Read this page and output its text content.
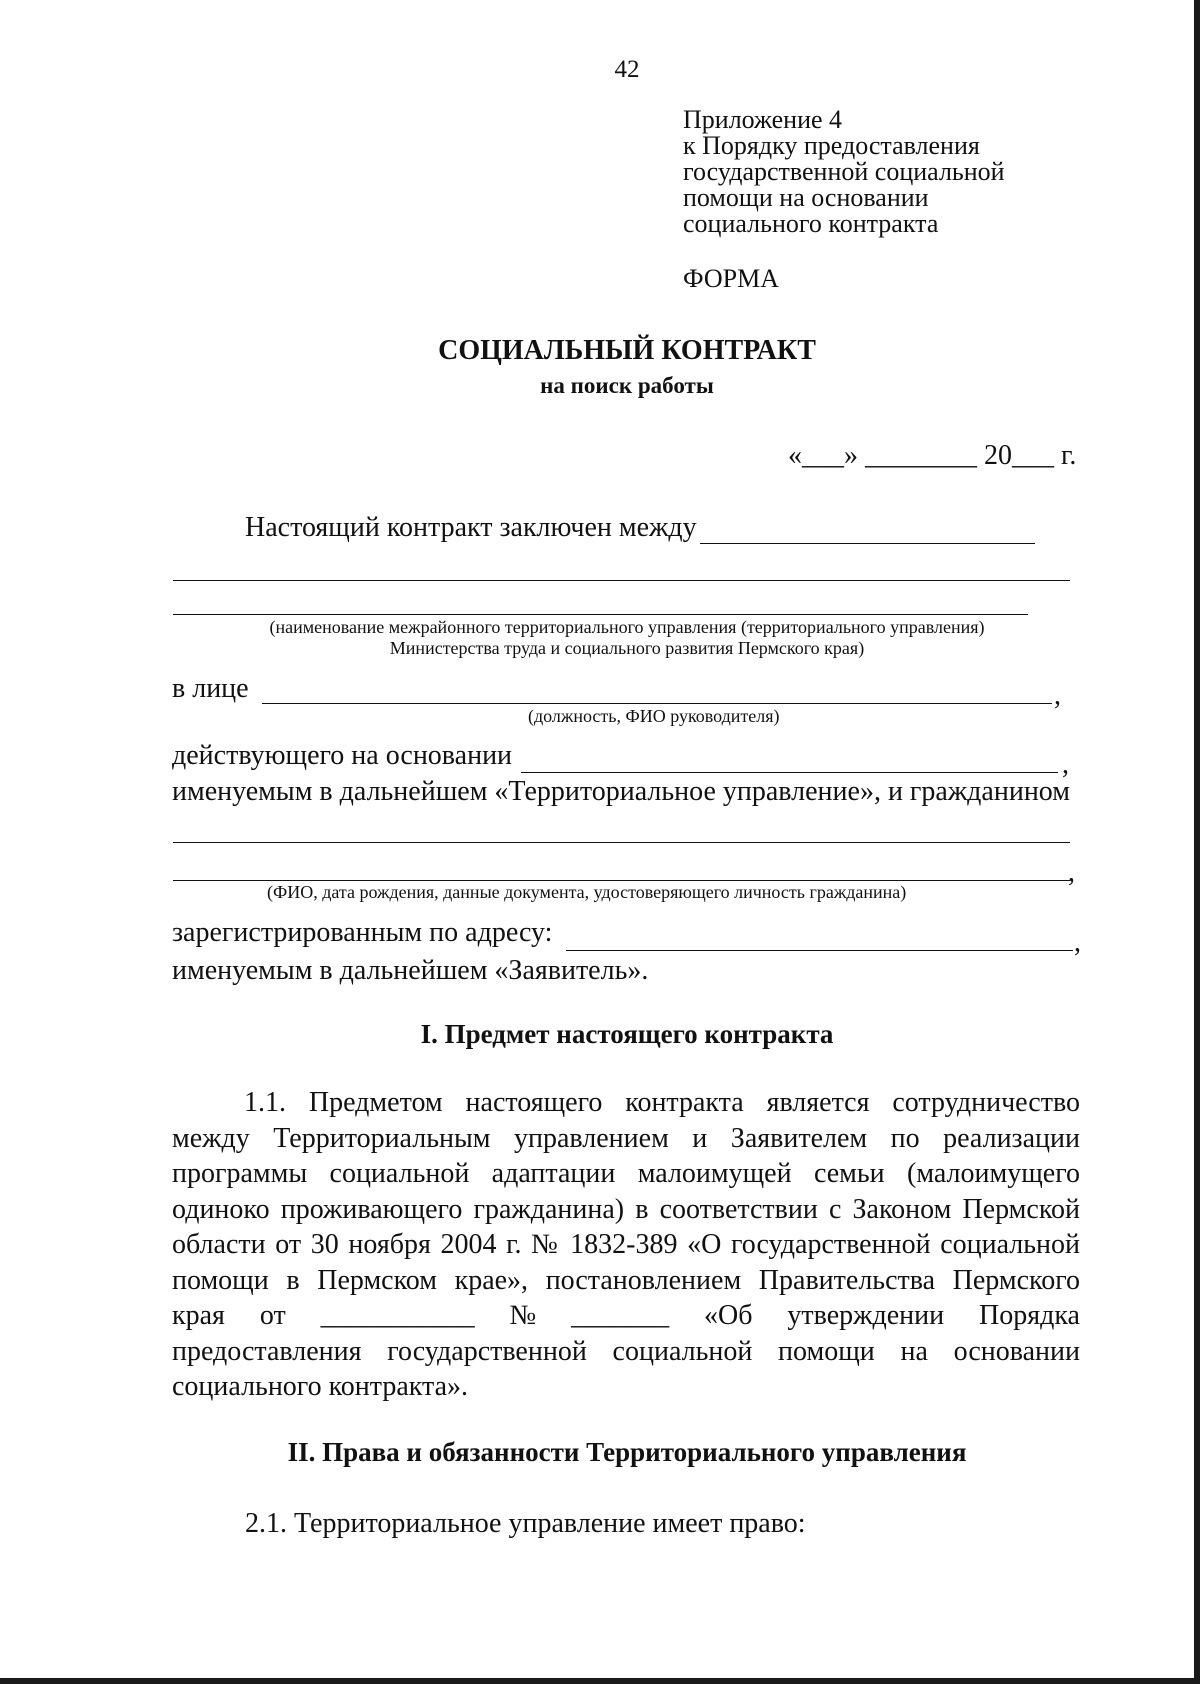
42
Приложение 4
к Порядку предоставления
государственной социальной
помощи на основании
социального контракта
ФОРМА
СОЦИАЛЬНЫЙ КОНТРАКТ
на поиск работы
«___» ________ 20___ г.
Настоящий контракт заключен между
(наименование межрайонного территориального управления (территориального управления)
Министерства труда и социального развития Пермского края)
в лице	,
(должность, ФИО руководителя)
действующего на основании	,
именуемым в дальнейшем «Территориальное управление», и гражданином
,
(ФИО, дата рождения, данные документа, удостоверяющего личность гражданина)
зарегистрированным по адресу:	,
именуемым в дальнейшем «Заявитель».
I. Предмет настоящего контракта
1.1. Предметом настоящего контракта является сотрудничество
между Территориальным управлением и Заявителем по реализации
программы социальной адаптации малоимущей семьи (малоимущего
одиноко проживающего гражданина) в соответствии с Законом Пермской
области от 30 ноября 2004 г. № 1832-389 «О государственной социальной
помощи в Пермском крае», постановлением Правительства Пермского
края от ___________ № _______ «Об утверждении Порядка
предоставления государственной социальной помощи на основании
социального контракта».
II. Права и обязанности Территориального управления
2.1. Территориальное управление имеет право:
